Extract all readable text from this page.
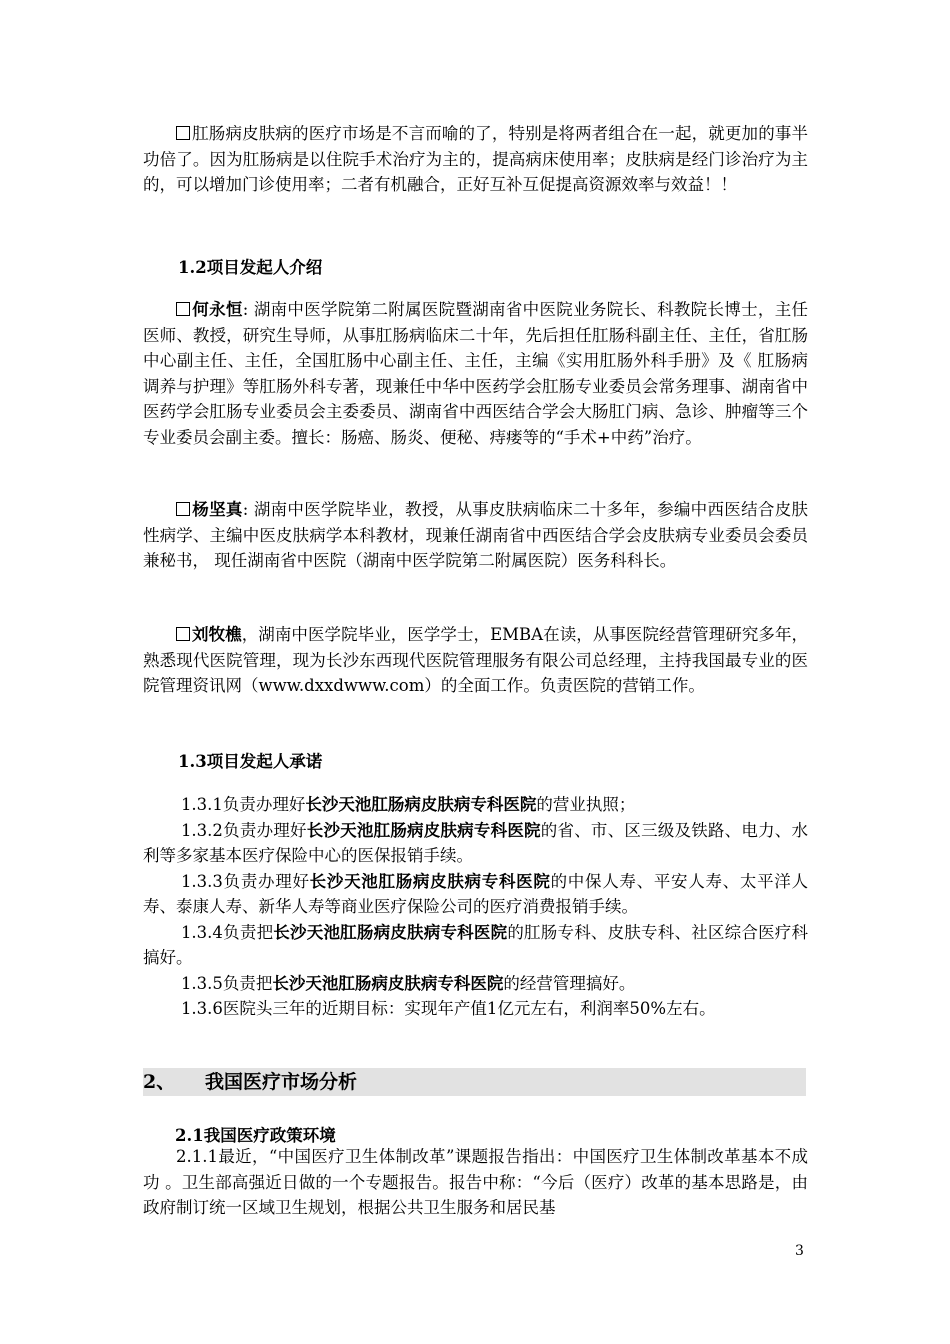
肛肠病皮肤病的医疗市场是不言而喻的了，特别是将两者组合在一起，就更加的事半功倍了。因为肛肠病是以住院手术治疗为主的，提高病床使用率；皮肤病是经门诊治疗为主的，可以增加门诊使用率；二者有机融合，正好互补互促提高资源效率与效益！！

1.2项目发起人介绍

何永恒: 湖南中医学院第二附属医院暨湖南省中医院业务院长、科教院长博士，主任医师、教授，研究生导师，从事肛肠病临床二十年，先后担任肛肠科副主任、主任，省肛肠中心副主任、主任，全国肛肠中心副主任、主任，主编《实用肛肠外科手册》及《 肛肠病调养与护理》等肛肠外科专著，现兼任中华中医药学会肛肠专业委员会常务理事、湖南省中医药学会肛肠专业委员会主委委员、湖南省中西医结合学会大肠肛门病、急诊、肿瘤等三个专业委员会副主委。擅长：肠癌、肠炎、便秘、痔瘘等的“手术+中药”治疗。

杨坚真: 湖南中医学院毕业，教授，从事皮肤病临床二十多年，参编中西医结合皮肤性病学、主编中医皮肤病学本科教材，现兼任湖南省中西医结合学会皮肤病专业委员会委员兼秘书， 现任湖南省中医院（湖南中医学院第二附属医院）医务科科长。

刘牧樵，湖南中医学院毕业，医学学士，EMBA在读，从事医院经营管理研究多年，熟悉现代医院管理，现为长沙东西现代医院管理服务有限公司总经理，主持我国最专业的医院管理资讯网（www.dxxdwww.com）的全面工作。负责医院的营销工作。

1.3项目发起人承诺

1.3.1负责办理好长沙天池肛肠病皮肤病专科医院的营业执照；

1.3.2负责办理好长沙天池肛肠病皮肤病专科医院的省、市、区三级及铁路、电力、水利等多家基本医疗保险中心的医保报销手续。

1.3.3负责办理好长沙天池肛肠病皮肤病专科医院的中保人寿、平安人寿、太平洋人寿、泰康人寿、新华人寿等商业医疗保险公司的医疗消费报销手续。

1.3.4负责把长沙天池肛肠病皮肤病专科医院的肛肠专科、皮肤专科、社区综合医疗科搞好。

1.3.5负责把长沙天池肛肠病皮肤病专科医院的经营管理搞好。

1.3.6医院头三年的近期目标：实现年产值1亿元左右，利润率50%左右。

2、 我国医疗市场分析
2.1我国医疗政策环境

2.1.1最近，“中国医疗卫生体制改革”课题报告指出：中国医疗卫生体制改革基本不成功 。卫生部高强近日做的一个专题报告。报告中称：“今后（医疗）改革的基本思路是，由政府制订统一区域卫生规划，根据公共卫生服务和居民基

3
